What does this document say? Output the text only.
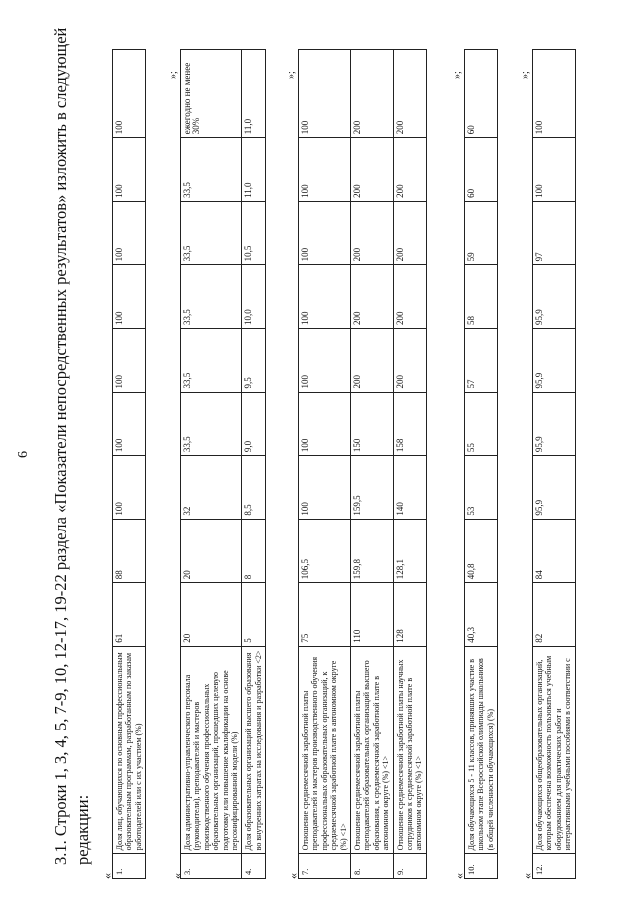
6 3.1. Строки 1, 3, 4, 5, 7-9, 10, 12-17, 19-22 раздела «Показатели непосредственных результатов» изложить в следующей редакции:
«
1.	Доля лиц, обучающихся по основным профессиональным образовательным программам, разработанным по заказам работодателей или с их участием (%)	61	88	100	100	100	100	100	100	100
»;
«
3.	Доля административно-управленческого персонала (руководители), преподавателей и мастеров производственного обучения профессиональных образовательных организаций, прошедших целевую подготовку или повышение квалификации на основе персонифицированной модели (%)	20	20	32	33,5	33,5	33,5	33,5	33,5	ежегодно не менее 30%
4.	Доля образовательных организаций высшего образования во внутренних затратах на исследования и разработки <2>	5	8	8,5	9,0	9,5	10,0	10,5	11,0	11,0
»;
«
7.	Отношение среднемесячной заработной платы преподавателей и мастеров производственного обучения профессиональных образовательных организаций, к среднемесячной заработной плате в автономном округе (%) <1>	75	106,5	100	100	100	100	100	100	100
8.	Отношение среднемесячной заработной платы преподавателей образовательных организаций высшего образования, к среднемесячной заработной плате в автономном округе (%) <1>	110	159,8	159,5	150	200	200	200	200	200
9.	Отношение среднемесячной заработной платы научных сотрудников к среднемесячной заработной плате в автономном округе (%) <1>	128	128,1	140	158	200	200	200	200	200
»;
«
10.	Доля обучающихся 5 - 11 классов, принявших участие в школьном этапе Всероссийской олимпиады школьников (в общей численности обучающихся) (%)	40,3	40,8	53	55	57	58	59	60	60
»;
«
12.	Доля обучающихся общеобразовательных организаций, которым обеспечена возможность пользоваться учебным оборудованием для практических работ и интерактивными учебными пособиями в соответствии с	82	84	95,9	95,9	95,9	95,9	97	100	100
